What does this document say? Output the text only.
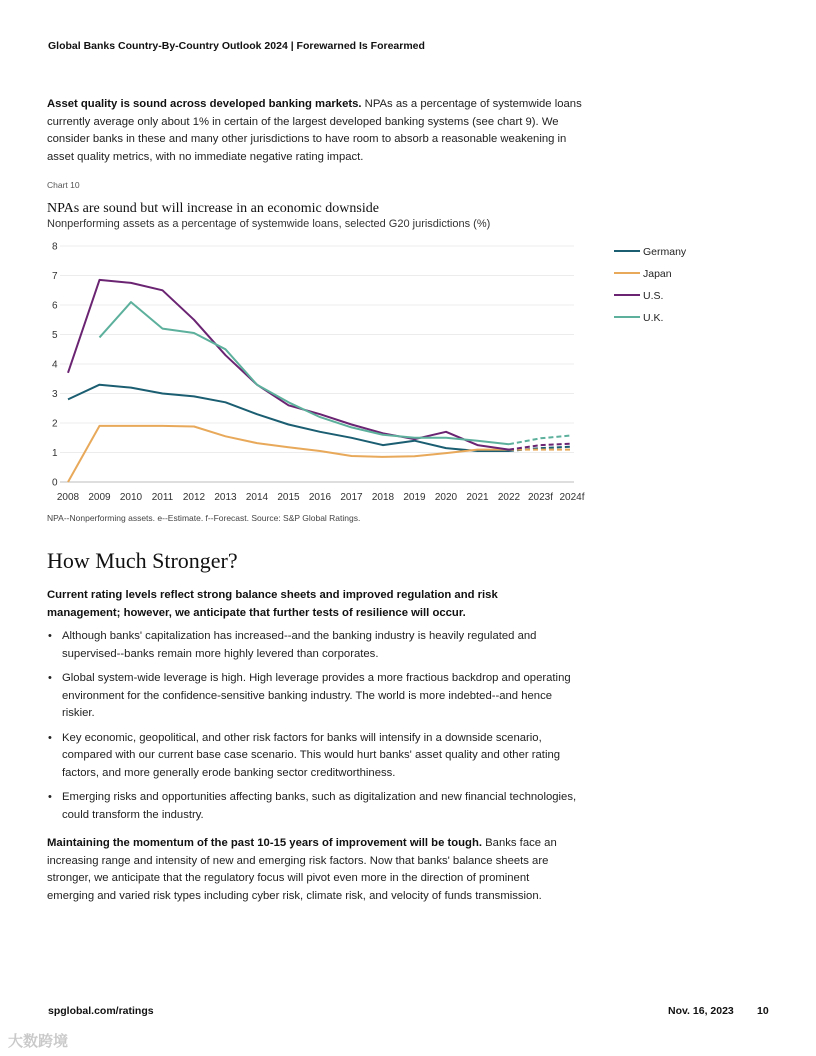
Global Banks Country-By-Country Outlook 2024 | Forewarned Is Forearmed
Asset quality is sound across developed banking markets. NPAs as a percentage of systemwide loans currently average only about 1% in certain of the largest developed banking systems (see chart 9). We consider banks in these and many other jurisdictions to have room to absorb a reasonable weakening in asset quality metrics, with no immediate negative rating impact.
Chart 10
NPAs are sound but will increase in an economic downside
Nonperforming assets as a percentage of systemwide loans, selected G20 jurisdictions (%)
0
1
2
3
4
5
6
7
8
2008 2009 2010 2011 2012 2013 2014 2015 2016 2017 2018 2019 2020 2021 2022 2023f 2024f
Germany
Japan
U.S.
U.K.
NPA--Nonperforming assets. e--Estimate. f--Forecast. Source: S&P Global Ratings.
How Much Stronger?
Current rating levels reflect strong balance sheets and improved regulation and risk management; however, we anticipate that further tests of resilience will occur.
• Although banks' capitalization has increased--and the banking industry is heavily regulated and supervised--banks remain more highly levered than corporates.
• Global system-wide leverage is high. High leverage provides a more fractious backdrop and operating environment for the confidence-sensitive banking industry. The world is more indebted--and hence riskier.
• Key economic, geopolitical, and other risk factors for banks will intensify in a downside scenario, compared with our current base case scenario. This would hurt banks' asset quality and other rating factors, and more generally erode banking sector creditworthiness.
• Emerging risks and opportunities affecting banks, such as digitalization and new financial technologies, could transform the industry.
Maintaining the momentum of the past 10-15 years of improvement will be tough. Banks face an increasing range and intensity of new and emerging risk factors. Now that banks' balance sheets are stronger, we anticipate that the regulatory focus will pivot even more in the direction of prominent emerging and varied risk types including cyber risk, climate risk, and velocity of funds transmission.
spglobal.com/ratings	Nov. 16, 2023 10
大数跨境
